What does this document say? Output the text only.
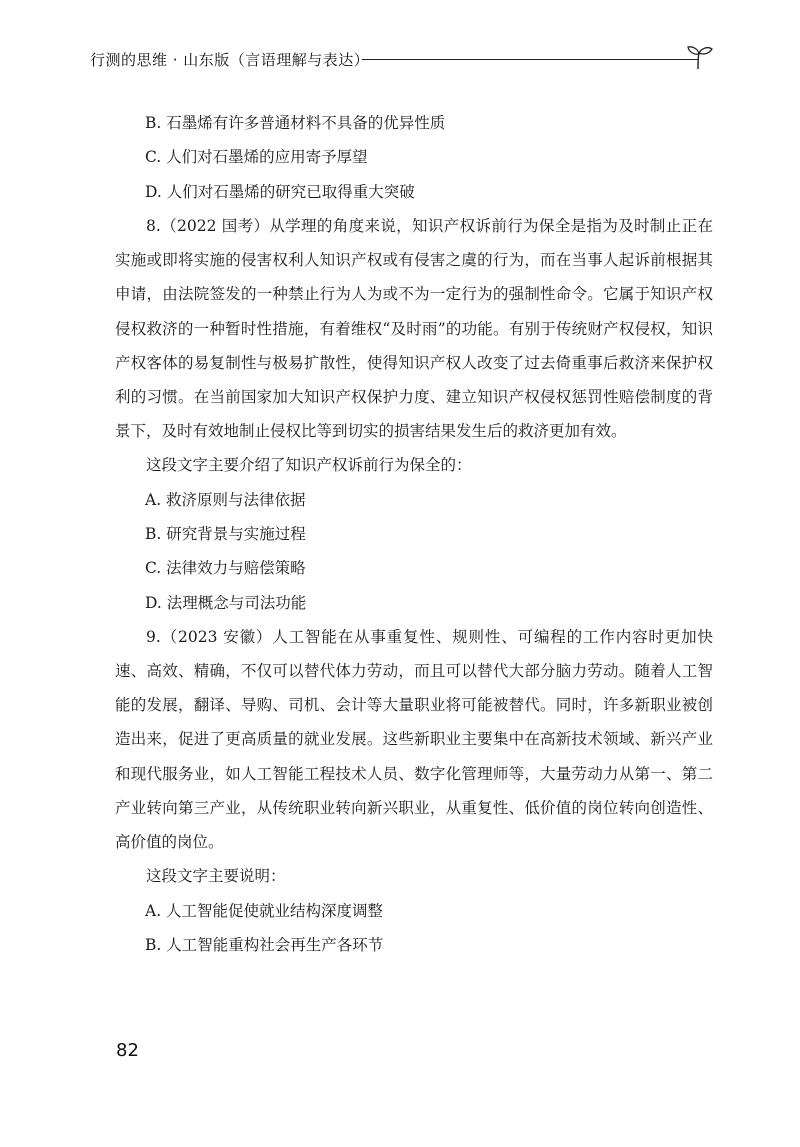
行测的思维 · 山东版（言语理解与表达）
B. 石墨烯有许多普通材料不具备的优异性质
C. 人们对石墨烯的应用寄予厚望
D. 人们对石墨烯的研究已取得重大突破
8.（2022 国考）从学理的角度来说，知识产权诉前行为保全是指为及时制止正在实施或即将实施的侵害权利人知识产权或有侵害之虞的行为，而在当事人起诉前根据其申请，由法院签发的一种禁止行为人为或不为一定行为的强制性命令。它属于知识产权侵权救济的一种暂时性措施，有着维权“及时雨”的功能。有别于传统财产权侵权，知识产权客体的易复制性与极易扩散性，使得知识产权人改变了过去倚重事后救济来保护权利的习惯。在当前国家加大知识产权保护力度、建立知识产权侵权惩罚性赔偿制度的背景下，及时有效地制止侵权比等到切实的损害结果发生后的救济更加有效。
这段文字主要介绍了知识产权诉前行为保全的：
A. 救济原则与法律依据
B. 研究背景与实施过程
C. 法律效力与赔偿策略
D. 法理概念与司法功能
9.（2023 安徽）人工智能在从事重复性、规则性、可编程的工作内容时更加快速、高效、精确，不仅可以替代体力劳动，而且可以替代大部分脑力劳动。随着人工智能的发展，翻译、导购、司机、会计等大量职业将可能被替代。同时，许多新职业被创造出来，促进了更高质量的就业发展。这些新职业主要集中在高新技术领域、新兴产业和现代服务业，如人工智能工程技术人员、数字化管理师等，大量劳动力从第一、第二产业转向第三产业，从传统职业转向新兴职业，从重复性、低价值的岗位转向创造性、高价值的岗位。
这段文字主要说明：
A. 人工智能促使就业结构深度调整
B. 人工智能重构社会再生产各环节
82
